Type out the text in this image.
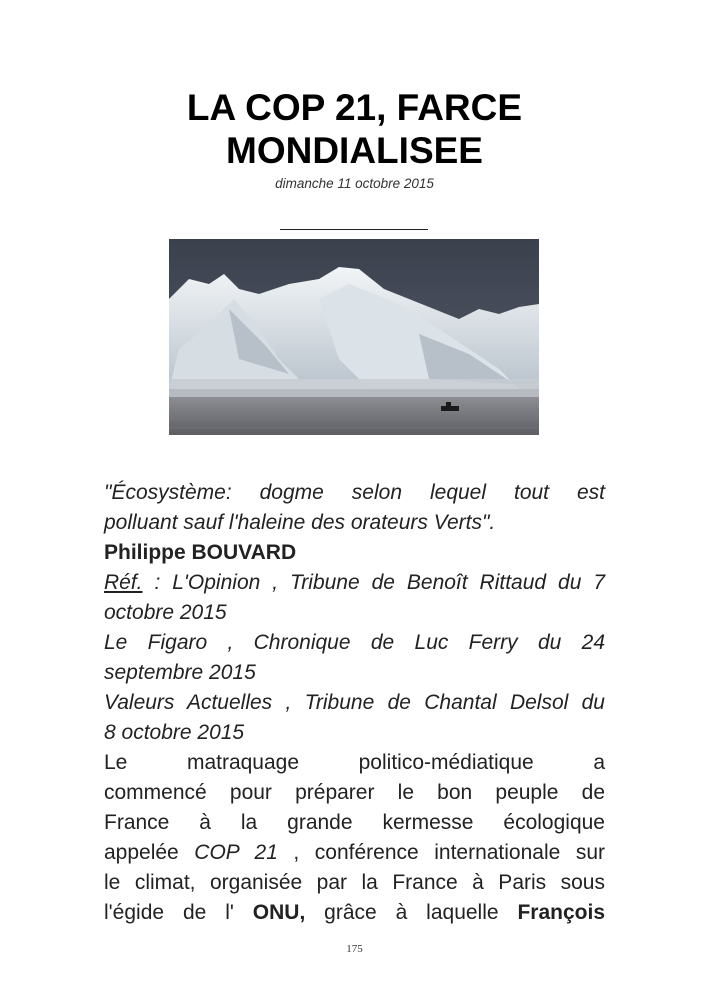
LA COP 21, FARCE
MONDIALISEE
dimanche 11 octobre 2015

"Écosystème: dogme selon lequel tout est

polluant sauf l'haleine des orateurs Verts".

Philippe BOUVARD

Réf. : L'Opinion , Tribune de Benoît Rittaud du 7

octobre 2015

Le Figaro , Chronique de Luc Ferry du 24

septembre 2015

Valeurs Actuelles , Tribune de Chantal Delsol du

8 octobre 2015

Le matraquage politico-médiatique a

commencé pour préparer le bon peuple de

France à la grande kermesse écologique

appelée COP 21 , conférence internationale sur

le climat, organisée par la France à Paris sous

l'égide de l' ONU, grâce à laquelle François

175
